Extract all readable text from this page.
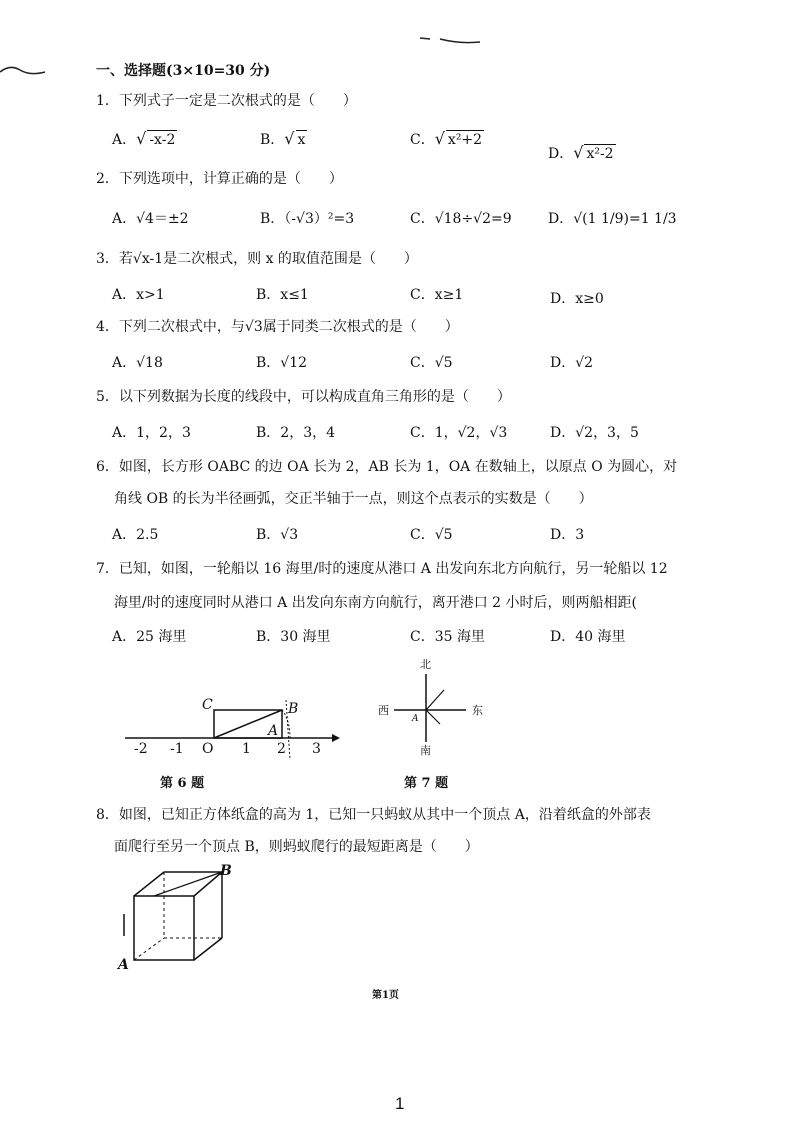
一、选择题(3×10=30 分)
1．下列式子一定是二次根式的是（　　）
A．√ -x-2	B．√ x	C．√ x²+2
D．√ x²-2
2．下列选项中，计算正确的是（　　）
A．√4＝±2	B．（-√3）²=3	C．√18÷√2=9	D．√(1 1/9)=1 1/3
3．若√x-1是二次根式，则 x 的取值范围是（　　）
A．x>1	B．x≤1	C．x≥1	D．x≥0
4．下列二次根式中，与√3属于同类二次根式的是（　　）
A．√18	B．√12	C．√5	D．√2
5．以下列数据为长度的线段中，可以构成直角三角形的是（　　）
A．1，2，3	B．2，3，4	C．1，√2，√3	D．√2，3，5
6．如图，长方形 OABC 的边 OA 长为 2，AB 长为 1，OA 在数轴上，以原点 O 为圆心，对
角线 OB 的长为半径画弧，交正半轴于一点，则这个点表示的实数是（　　）
A．2.5	B．√3	C．√5	D．3
7．已知，如图，一轮船以 16 海里/时的速度从港口 A 出发向东北方向航行，另一轮船以 12
海里/时的速度同时从港口 A 出发向东南方向航行，离开港口 2 小时后，则两船相距(
A．25 海里	B．30 海里	C．35 海里	D．40 海里
-2 -1 O 1 2 3
C	B
A
第 6 题
北
西	东
南
A
第 7 题
8．如图，已知正方体纸盒的高为 1，已知一只蚂蚁从其中一个顶点 A，沿着纸盒的外部表
面爬行至另一个顶点 B，则蚂蚁爬行的最短距离是（　　）
B
A
第1页
1
